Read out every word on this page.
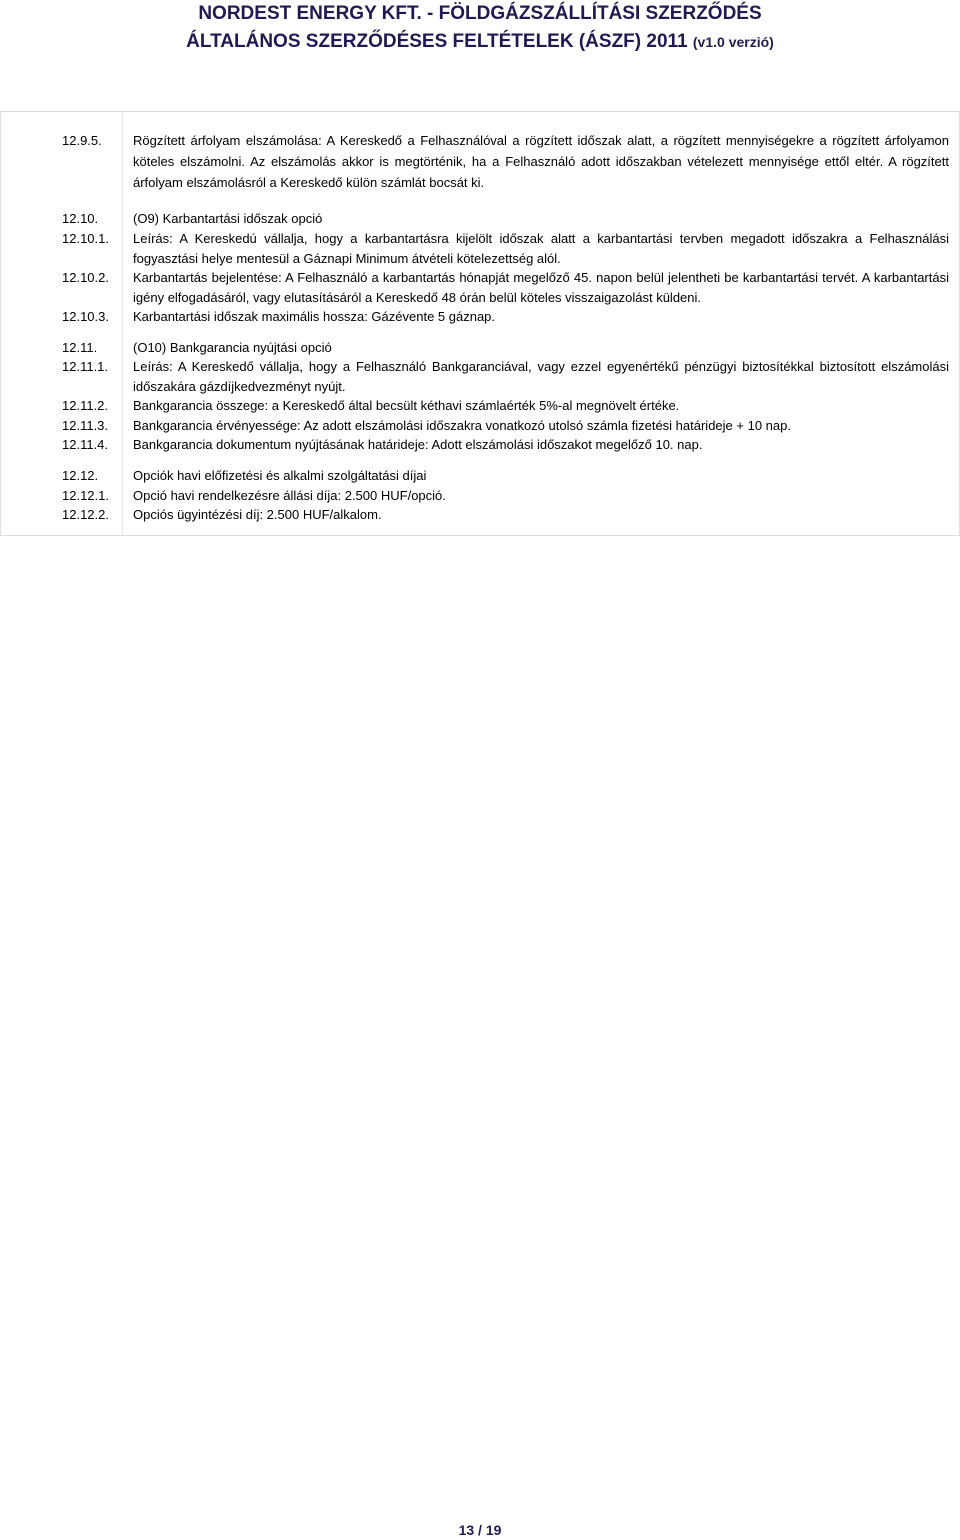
NORDEST ENERGY KFT. - FÖLDGÁZSZÁLLÍTÁSI SZERZŐDÉS
ÁLTALÁNOS SZERZŐDÉSES FELTÉTELEK (ÁSZF) 2011 (v1.0 verzió)
12.9.5. Rögzített árfolyam elszámolása: A Kereskedő a Felhasználóval a rögzített időszak alatt, a rögzített mennyiségekre a rögzített árfolyamon köteles elszámolni. Az elszámolás akkor is megtörténik, ha a Felhasználó adott időszakban vételezett mennyisége ettől eltér. A rögzített árfolyam elszámolásról a Kereskedő külön számlát bocsát ki.
12.10.	(O9) Karbantartási időszak opció
12.10.1. Leírás: A Kereskedú vállalja, hogy a karbantartásra kijelölt időszak alatt a karbantartási tervben megadott időszakra a Felhasználási fogyasztási helye mentesül a Gáznapi Minimum átvételi kötelezettség alól.
12.10.2. Karbantartás bejelentése: A Felhasználó a karbantartás hónapját megelőző 45. napon belül jelentheti be karbantartási tervét. A karbantartási igény elfogadásáról, vagy elutasításáról a Kereskedő 48 órán belül köteles visszaigazolást küldeni.
12.10.3. Karbantartási időszak maximális hossza: Gázévente 5 gáznap.
12.11.	(O10) Bankgarancia nyújtási opció
12.11.1. Leírás: A Kereskedő vállalja, hogy a Felhasználó Bankgaranciával, vagy ezzel egyenértékű pénzügyi biztosítékkal biztosított elszámolási időszakára gázdíjkedvezményt nyújt.
12.11.2. Bankgarancia összege: a Kereskedő által becsült kéthavi számlaérték 5%-al megnövelt értéke.
12.11.3. Bankgarancia érvényessége: Az adott elszámolási időszakra vonatkozó utolsó számla fizetési határideje + 10 nap.
12.11.4. Bankgarancia dokumentum nyújtásának határideje: Adott elszámolási időszakot megelőző 10. nap.
12.12.	Opciók havi előfizetési és alkalmi szolgáltatási díjai
12.12.1. Opció havi rendelkezésre állási díja: 2.500 HUF/opció.
12.12.2. Opciós ügyintézési díj: 2.500 HUF/alkalom.
13 / 19
